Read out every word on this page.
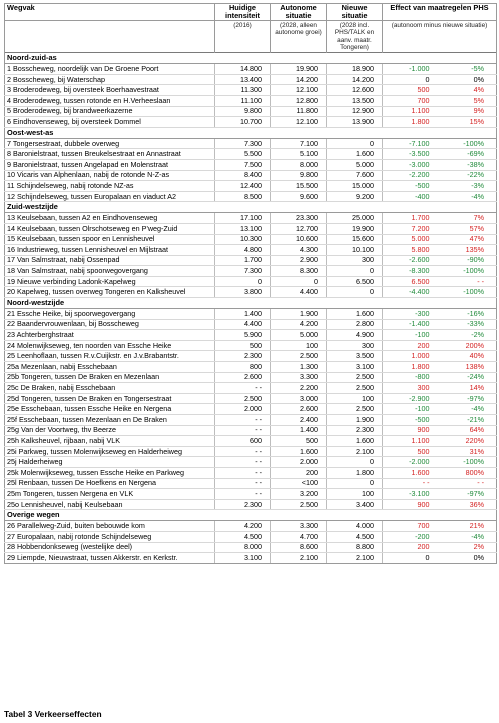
Wegvak	Huidige intensiteit	Autonome situatie	Nieuwe situatie	Effect van maatregelen PHS	
	(2016)	(2028, alleen autonome groei)	(2028 incl. PHS/TALK en aanv. maatr. Tongeren)	(autonoom minus nieuwe situatie)	
Noord-zuid-as					
1 Bosscheweg, noordelijk van De Groene Poort	14.800	19.900	18.900	-1.000	-5%
2 Bosscheweg, bij Waterschap	13.400	14.200	14.200	0	0%
3 Broderodeweg, bij oversteek Boerhaavestraat	11.300	12.100	12.600	500	4%
4 Broderodeweg, tussen rotonde en H.Verheeslaan	11.100	12.800	13.500	700	5%
5 Broderodeweg, bij brandweerkazerne	9.800	11.800	12.900	1.100	9%
6 Eindhovenseweg, bij oversteek Dommel	10.700	12.100	13.900	1.800	15%
Oost-west-as					
7 Tongersestraat, dubbele overweg	7.300	7.100	0	-7.100	-100%
8 Baronielstraat, tussen Breukelsestraat en Annastraat	5.500	5.100	1.600	-3.500	-69%
9 Baronielstraat, tussen Angelapad en Molenstraat	7.500	8.000	5.000	-3.000	-38%
10 Vicaris van Alphenlaan, nabij de rotonde N-Z-as	8.400	9.800	7.600	-2.200	-22%
11 Schijndelseweg, nabij rotonde NZ-as	12.400	15.500	15.000	-500	-3%
12 Schijndelseweg, tussen Europalaan en viaduct A2	8.500	9.600	9.200	-400	-4%
Zuid-westzijde					
13 Keulsebaan, tussen A2 en Eindhovenseweg	17.100	23.300	25.000	1.700	7%
14 Keulsebaan, tussen Olrschotseweg en P'weg-Zuid	13.100	12.700	19.900	7.200	57%
15 Keulsebaan, tussen spoor en Lennisheuvel	10.300	10.600	15.600	5.000	47%
16 Industrieweg, tussen Lennisheuvel en Mijlstraat	4.800	4.300	10.100	5.800	135%
17 Van Salmstraat, nabij Ossenpad	1.700	2.900	300	-2.600	-90%
18 Van Salmstraat, nabij spoorwegovergang	7.300	8.300	0	-8.300	-100%
19 Nieuwe verbinding Ladonk-Kapelweg	0	0	6.500	6.500	- -
20 Kapelweg, tussen overweg Tongeren en Kalksheuvel	3.800	4.400	0	-4.400	-100%
Noord-westzijde					
21 Essche Heike, bij spoorwegovergang	1.400	1.900	1.600	-300	-16%
22 Baandervrouwenlaan, bij Bosscheweg	4.400	4.200	2.800	-1.400	-33%
23 Achterberghstraat	5.900	5.000	4.900	-100	-2%
24 Molenwijkseweg, ten noorden van Essche Heike	500	100	300	200	200%
25 Leenhoflaan, tussen R.v.Cuijkstr. en J.v.Brabantstr.	2.300	2.500	3.500	1.000	40%
25a Mezenlaan, nabij Esschebaan	800	1.300	3.100	1.800	138%
25b Tongeren, tussen De Braken en Mezenlaan	2.600	3.300	2.500	-800	-24%
25c De Braken, nabij Esschebaan	- -	2.200	2.500	300	14%
25d Tongeren, tussen De Braken en Tongersestraat	2.500	3.000	100	-2.900	-97%
25e Esschebaan, tussen Essche Heike en Nergena	2.000	2.600	2.500	-100	-4%
25f Esschebaan, tussen Mezenlaan en De Braken	- -	2.400	1.900	-500	-21%
25g Van der Voortweg, thv Beerze	- -	1.400	2.300	900	64%
25h Kalksheuvel, rijbaan, nabij VLK	600	500	1.600	1.100	220%
25i Parkweg, tussen Molenwijkseweg en Halderheiweg	- -	1.600	2.100	500	31%
25j Halderheiweg	- -	2.000	0	-2.000	-100%
25k Molenwijkseweg, tussen Essche Heike en Parkweg	- -	200	1.800	1.600	800%
25l Renbaan, tussen De Hoefkens en Nergena	- -	<100	0	- -	- -
25m Tongeren, tussen Nergena en VLK	- -	3.200	100	-3.100	-97%
25o Lennisheuvel, nabij Keulsebaan	2.300	2.500	3.400	900	36%
Overige wegen					
26 Parallelweg-Zuid, buiten bebouwde kom	4.200	3.300	4.000	700	21%
27 Europalaan, nabij rotonde Schijndelseweg	4.500	4.700	4.500	-200	-4%
28 Hobbendonkseweg (westelijke deel)	8.000	8.600	8.800	200	2%
29 Liempde, Nieuwstraat, tussen Akkerstr. en Kerkstr.	3.100	2.100	2.100	0	0%
Tabel 3 Verkeerseffecten
